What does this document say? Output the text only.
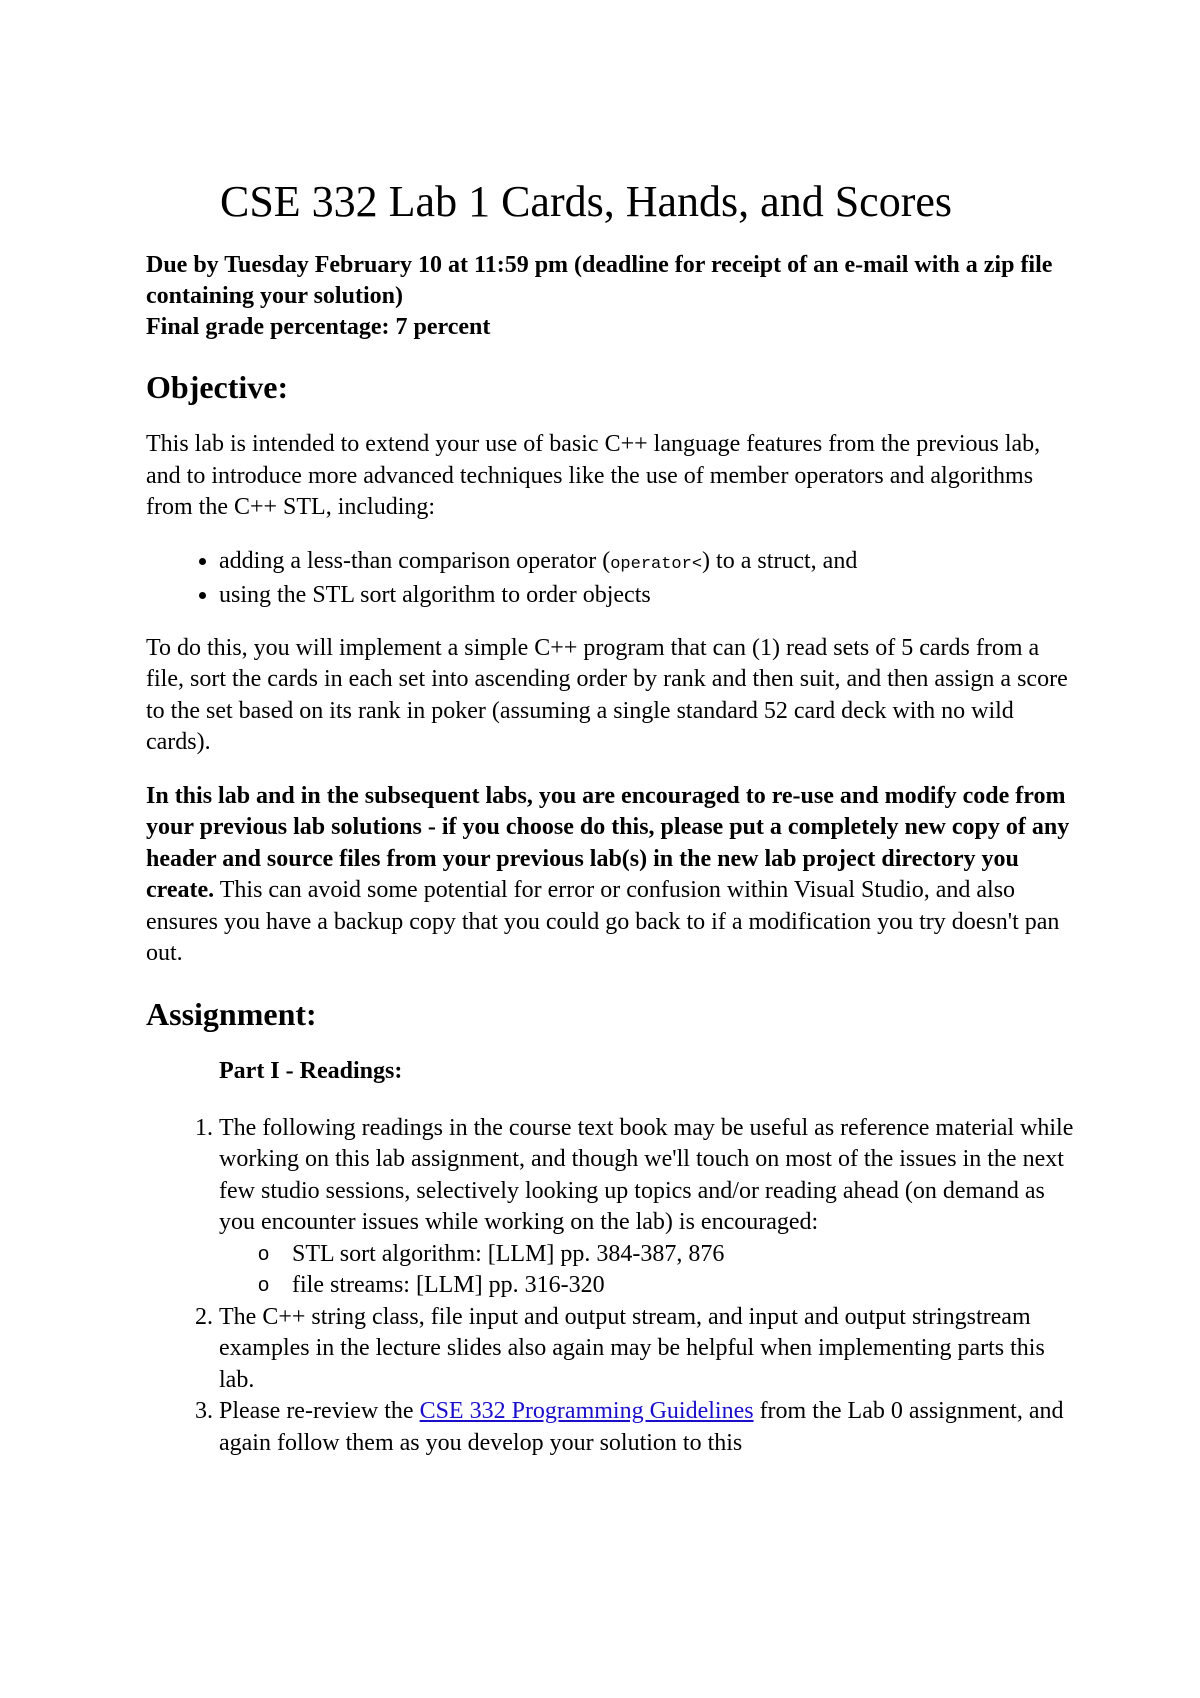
CSE 332 Lab 1 Cards, Hands, and Scores
Due by Tuesday February 10 at 11:59 pm (deadline for receipt of an e-mail with a zip file containing your solution)
Final grade percentage: 7 percent
Objective:

This lab is intended to extend your use of basic C++ language features from the previous lab, and to introduce more advanced techniques like the use of member operators and algorithms from the C++ STL, including:

• adding a less-than comparison operator (operator<) to a struct, and
• using the STL sort algorithm to order objects

To do this, you will implement a simple C++ program that can (1) read sets of 5 cards from a file, sort the cards in each set into ascending order by rank and then suit, and then assign a score to the set based on its rank in poker (assuming a single standard 52 card deck with no wild cards).

In this lab and in the subsequent labs, you are encouraged to re-use and modify code from your previous lab solutions - if you choose do this, please put a completely new copy of any header and source files from your previous lab(s) in the new lab project directory you create. This can avoid some potential for error or confusion within Visual Studio, and also ensures you have a backup copy that you could go back to if a modification you try doesn't pan out.

Assignment:
Part I - Readings:
1. The following readings in the course text book may be useful as reference material while working on this lab assignment, and though we'll touch on most of the issues in the next few studio sessions, selectively looking up topics and/or reading ahead (on demand as you encounter issues while working on the lab) is encouraged:
o STL sort algorithm: [LLM] pp. 384-387, 876
o file streams: [LLM] pp. 316-320
2. The C++ string class, file input and output stream, and input and output stringstream examples in the lecture slides also again may be helpful when implementing parts this lab.
3. Please re-review the CSE 332 Programming Guidelines from the Lab 0 assignment, and again follow them as you develop your solution to this
